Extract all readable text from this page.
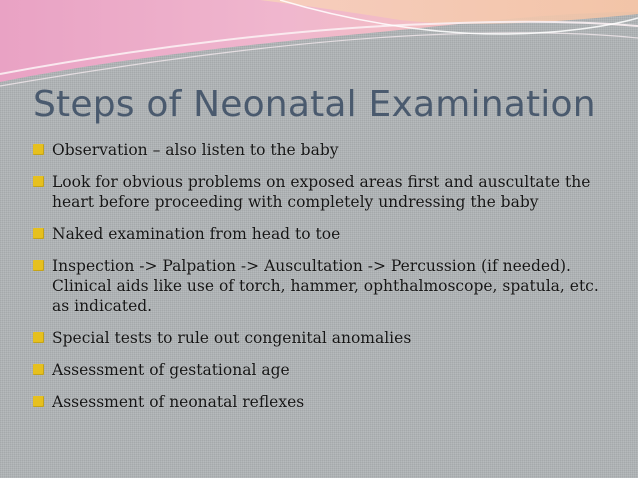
Steps of Neonatal Examination
Observation – also listen to the baby
Look for obvious problems on exposed areas first and auscultate the heart before proceeding with completely undressing the baby
Naked examination from head to toe
Inspection -> Palpation -> Auscultation -> Percussion (if needed). Clinical aids like use of torch, hammer, ophthalmoscope, spatula, etc. as indicated.
Special tests to rule out congenital anomalies
Assessment of gestational age
Assessment of neonatal reflexes
